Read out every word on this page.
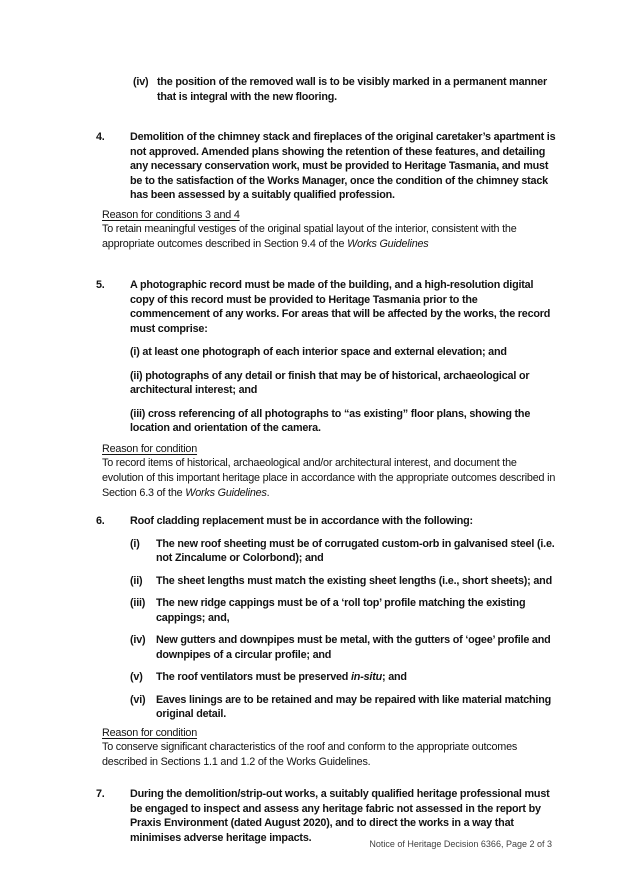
(iv) the position of the removed wall is to be visibly marked in a permanent manner that is integral with the new flooring.
4.	Demolition of the chimney stack and fireplaces of the original caretaker’s apartment is not approved. Amended plans showing the retention of these features, and detailing any necessary conservation work, must be provided to Heritage Tasmania, and must be to the satisfaction of the Works Manager, once the condition of the chimney stack has been assessed by a suitably qualified profession.
Reason for conditions 3 and 4
To retain meaningful vestiges of the original spatial layout of the interior, consistent with the appropriate outcomes described in Section 9.4 of the Works Guidelines
5.	A photographic record must be made of the building, and a high-resolution digital copy of this record must be provided to Heritage Tasmania prior to the commencement of any works. For areas that will be affected by the works, the record must comprise:
(i) at least one photograph of each interior space and external elevation; and
(ii) photographs of any detail or finish that may be of historical, archaeological or architectural interest; and
(iii) cross referencing of all photographs to “as existing” floor plans, showing the location and orientation of the camera.
Reason for condition
To record items of historical, archaeological and/or architectural interest, and document the evolution of this important heritage place in accordance with the appropriate outcomes described in Section 6.3 of the Works Guidelines.
6.	Roof cladding replacement must be in accordance with the following:
(i)	The new roof sheeting must be of corrugated custom-orb in galvanised steel (i.e. not Zincalume or Colorbond); and
(ii)	The sheet lengths must match the existing sheet lengths (i.e., short sheets); and
(iii) The new ridge cappings must be of a ‘roll top’ profile matching the existing cappings; and,
(iv) New gutters and downpipes must be metal, with the gutters of ‘ogee’ profile and downpipes of a circular profile; and
(v)	The roof ventilators must be preserved in-situ; and
(vi) Eaves linings are to be retained and may be repaired with like material matching original detail.
Reason for condition
To conserve significant characteristics of the roof and conform to the appropriate outcomes described in Sections 1.1 and 1.2 of the Works Guidelines.
7.	During the demolition/strip-out works, a suitably qualified heritage professional must be engaged to inspect and assess any heritage fabric not assessed in the report by Praxis Environment (dated August 2020), and to direct the works in a way that minimises adverse heritage impacts.
Notice of Heritage Decision 6366, Page 2 of 3
